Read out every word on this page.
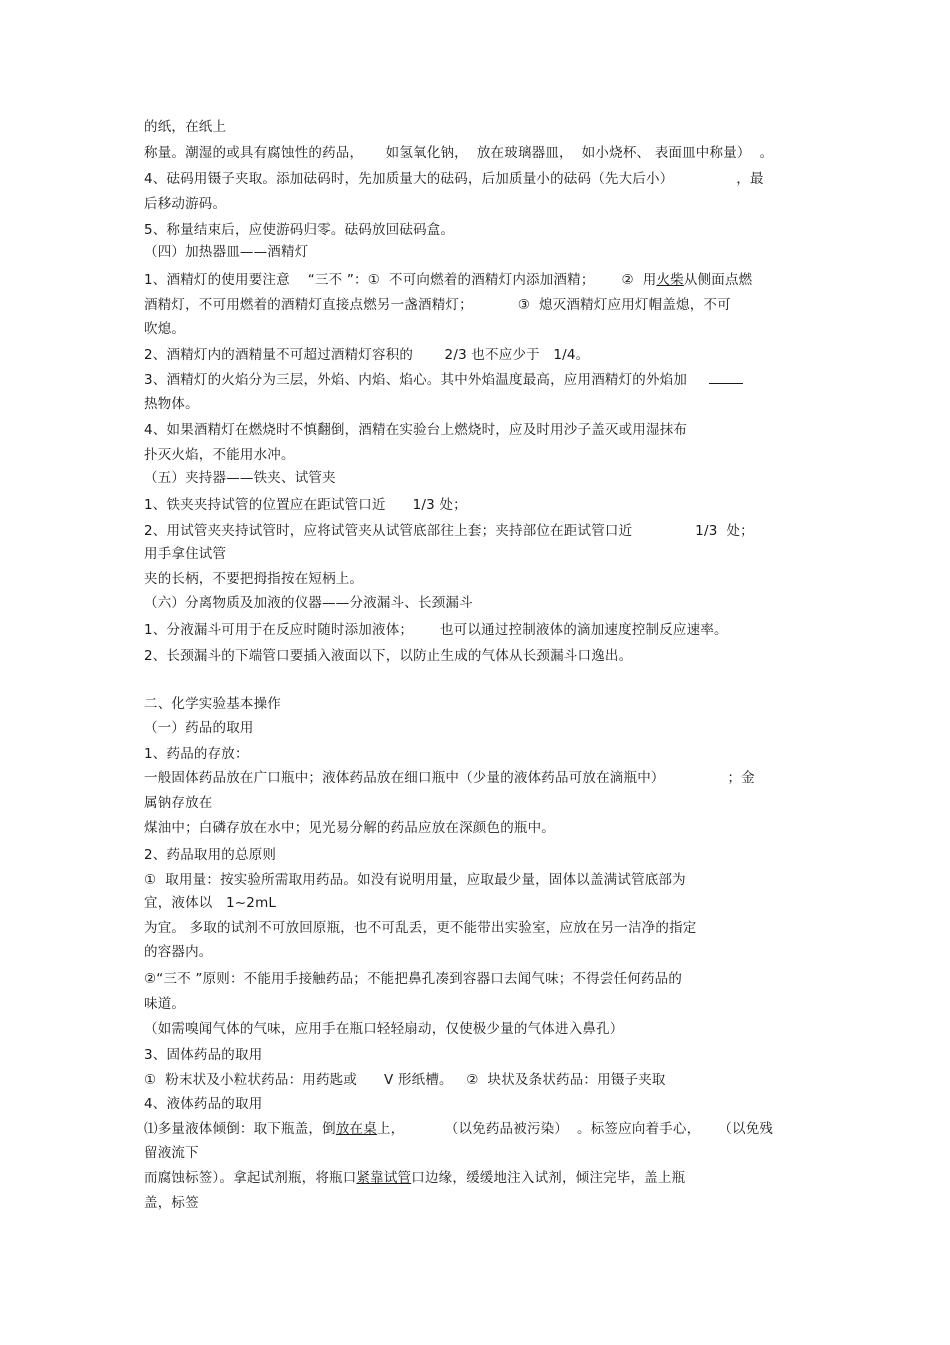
的纸，在纸上

称量。潮湿的或具有腐蚀性的药品，     如氢氧化钠，  放在玻璃器皿，  如小烧杯、 表面皿中称量）  。

4、砝码用镊子夹取。添加砝码时，先加质量大的砝码，后加质量小的砝码（先大后小）              ，最

后移动游码。

5、称量结束后，应使游码归零。砝码放回砝码盒。

（四）加热器皿——酒精灯

1、酒精灯的使用要注意    “三不 ”：①  不可向燃着的酒精灯内添加酒精；      ②  用火柴从侧面点燃

酒精灯，不可用燃着的酒精灯直接点燃另一盏酒精灯；          ③  熄灭酒精灯应用灯帽盖熄，不可

吹熄。

2、酒精灯内的酒精量不可超过酒精灯容积的       2/3 也不应少于   1/4。

3、酒精灯的火焰分为三层，外焰、内焰、焰心。其中外焰温度最高，应用酒精灯的外焰加

热物体。

4、如果酒精灯在燃烧时不慎翻倒，酒精在实验台上燃烧时，应及时用沙子盖灭或用湿抹布

扑灭火焰，不能用水冲。

（五）夹持器——铁夹、试管夹

1、铁夹夹持试管的位置应在距试管口近      1/3 处；

2、用试管夹夹持试管时，应将试管夹从试管底部往上套；夹持部位在距试管口近              1/3  处；

用手拿住试管

夹的长柄，不要把拇指按在短柄上。

（六）分离物质及加液的仪器——分液漏斗、长颈漏斗

1、分液漏斗可用于在反应时随时添加液体；      也可以通过控制液体的滴加速度控制反应速率。

2、长颈漏斗的下端管口要插入液面以下，以防止生成的气体从长颈漏斗口逸出。

二、化学实验基本操作

（一）药品的取用

1、药品的存放：

一般固体药品放在广口瓶中；液体药品放在细口瓶中（少量的液体药品可放在滴瓶中）              ；金

属钠存放在

煤油中；白磷存放在水中；见光易分解的药品应放在深颜色的瓶中。

2、药品取用的总原则

①  取用量：按实验所需取用药品。如没有说明用量，应取最少量，固体以盖满试管底部为

宜，液体以   1~2mL

为宜。 多取的试剂不可放回原瓶，也不可乱丢，更不能带出实验室，应放在另一洁净的指定

的容器内。

②“三不 ”原则：不能用手接触药品；不能把鼻孔凑到容器口去闻气味；不得尝任何药品的

味道。

（如需嗅闻气体的气味，应用手在瓶口轻轻扇动，仅使极少量的气体进入鼻孔）

3、固体药品的取用

①  粉末状及小粒状药品：用药匙或      V 形纸槽。   ②  块状及条状药品：用镊子夹取

4、液体药品的取用

⑴多量液体倾倒：取下瓶盖，倒放在桌上，         （以免药品被污染）  。标签应向着手心，    （以免残

留液流下

而腐蚀标签）。拿起试剂瓶，将瓶口紧靠试管口边缘，缓缓地注入试剂，倾注完毕，盖上瓶

盖，标签
